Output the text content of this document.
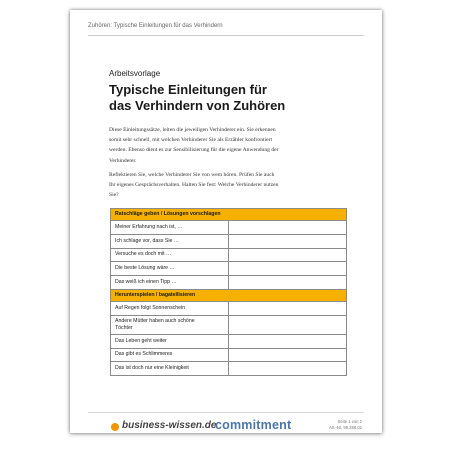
Zuhören: Typische Einleitungen für das Verhindern
Arbeitsvorlage
Typische Einleitungen für
das Verhindern von Zuhören
Diese Einleitungssätze, leiten die jeweiligen Verhinderer ein. Sie erkennen
somit sehr schnell, mit welchen Verhinderer Sie als Erzähler konfrontiert
werden. Ebenso dient es zur Sensibilisierung für die eigene Anwendung der
Verhinderer.
Reflektieren Sie, welche Verhinderer Sie von wem hören. Prüfen Sie auch
Ihr eigenes Gesprächsverhalten. Halten Sie fest: Welche Verhinderer nutzen
Sie?
Ratschläge geben / Lösungen vorschlagen	
Meiner Erfahrung nach ist, …	
Ich schlage vor, dass Sie …	
Versuche es doch mit …	
Die beste Lösung wäre …	
Das weiß ich einen Tipp …	
Herunterspielen / bagatellisieren	
Auf Regen folgt Sonnenschein	

Andere Mütter haben auch schöne
Töchter	

Das Leben geht weiter	
Das gibt es Schlimmeres	
Das ist doch nur eine Kleinigkeit	
business-wissen.de
commitment	Seite 1 von 2
Art.-Nr. 99.288.02
